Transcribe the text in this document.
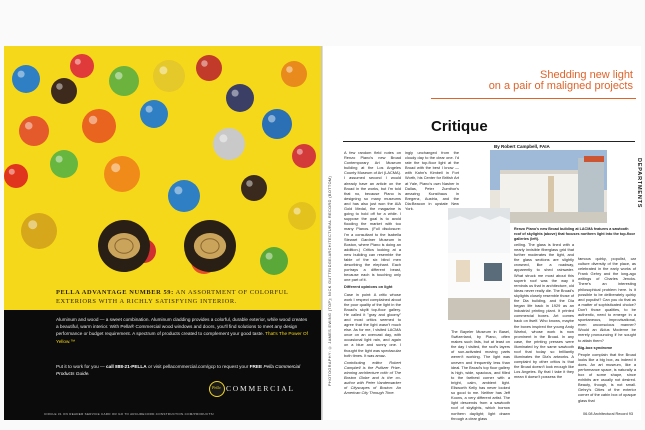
PELLA ADVANTAGE NUMBER 59: AN ASSORTMENT OF COLORFUL EXTERIORS WITH A RICHLY SATISFYING INTERIOR.
Aluminum and wood — a sweet combination. Aluminum cladding provides a colorful, durable exterior, while wood creates a beautiful, warm interior. With Pella® Commercial wood windows and doors, you'll find solutions to meet any design performance or budget requirement. A spectrum of products created to complement your good taste. That's The Power Of Yellow.™
Put it to work for you — call 888-21-PELLA or visit pellacommercial.com/gcp to request your FREE Pella Commercial Products Guide.
Pella COMMERCIAL
CIRCLE 31 ON READER SERVICE CARD OR GO TO ARCHRECORD.CONSTRUCTION.COM/PRODUCTS/
Shedding new light
on a pair of maligned projects
Critique
By Robert Campbell, FAIA
PHOTOGRAPHY: © JAMES EWING (TOP); NICK GUTTRIDGE/ARCHITECTURAL RECORD (BOTTOM)	DEPARTMENTS

A few random field notes on Renzo Piano's new Broad Contemporary Art Museum building at the Los Angeles County Museum of Art (LACMA). I assumed second I would already have an article on the Broad in the works, but I'm told that no, because Piano is designing so many museums and has also just won the AIA Gold Medal, the magazine is going to hold off for a while. I suppose the goal is to avoid flooding the market with too many Pianos. (Full disclosure: I'm a consultant to the Isabella Stewart Gardner Museum in Boston, where Piano is doing an addition.) Critics looking at a new building can resemble the fable of the six blind men describing the elephant. Each portrays a different beast, because each is touching only one part of it.

Different opinions on light

Case in point: A critic whose work I respect complained about the poor quality of the light in the Broad's skylit top-floor gallery. He called it "gray and gloomy" and most critics seemed to agree that the light wasn't much else. As for me, I visited LACMA once on an overcast day, with occasional light rain, and again on a blue and sunny one. I thought the light was spectacular both times. It was amaz-

Contributing editor Robert Campbell is the Pulitzer Prize-winning architecture critic of The Boston Globe and is the co-author with Peter Vanderwarker of Cityscapes of Boston: An American City Through Time.

ingly unchanged from the cloudy day to the clear one. I'd rate the top-floor light at the Broad with the best I know — with Kahn's Kimbell in Fort Worth, his Center for British Art at Yale, Piano's own Nasher in Dallas, Peter Zumthor's amazing Kunsthaus in Bregenz, Austria, and the Dia:Beacon in upstate New York.

The Bayeler Museum in Basel, Switzerland, by Piano, often makes such lists, but at least on the day I visited, the roof's layers of sun-activated moving parts weren't working. The light was uneven and frequently less than ideal. The Broad's top floor gallery is high, wide, spacious, and filled to the farthest corner with a bright, calm, ambient light. Ellsworth Kelly has never looked so good to me. Neither has Jeff Koons, a very different artist. The light descends from a sawtooth roof of skylights, which borrow northern daylight; light drawn through a clear glass

Renzo Piano's new Broad building at LACMA features a sawtooth roof of skylights (above) that focuses northern light into the top-floor galleries (left).

ceiling. The glass is lined with a nearly invisible fiberglass grid that further moderates the light, and the glass sections are slightly crowned, like a roadway, apparently to shed rainwater. What struck me most about this superb roof was the way it reminds us that in architecture, old ideas never really die. The Broad's skylights closely resemble those of the Dia building, and the Dia began life back in 1929 as an industrial printing plant. It printed commercial boxes. Art comes back on itself. Who knows, maybe the boxes inspired the young Andy Warhol, whose work is now prominent in the Broad. In any case, the printing presses were illuminated by the same sawtooth roof that today so brilliantly illuminates the Dia's artworks. A complaint by other critics is that the Broad doesn't look enough like Los Angeles. By that I take it they mean it doesn't possess the

famous quirky, populist, car culture diversity of the place, as celebrated in the early works of Frank Gehry and the long-ago writings of Charles Jencks. There's an interesting philosophical problem here. Is it possible to be deliberately quirky and populist? Can you do that as a matter of sophisticated choice? Don't those qualities, to be authentic, need to emerge in a spontaneous, improvisational, even unconscious manner? Would an Aldus Moderne be merely pronouncing if he sought to attain them?

Big-box syndrome

People complain that the Broad looks like a big box, as indeed it does. An art museum, like a performance space, is naturally a box of some shape, since exhibits are usually not desired. Beauty, though, is not small. Gehry's Cities of the exterior corner of the cabin box of opaque glass that

06.08 Architectural Record 93
